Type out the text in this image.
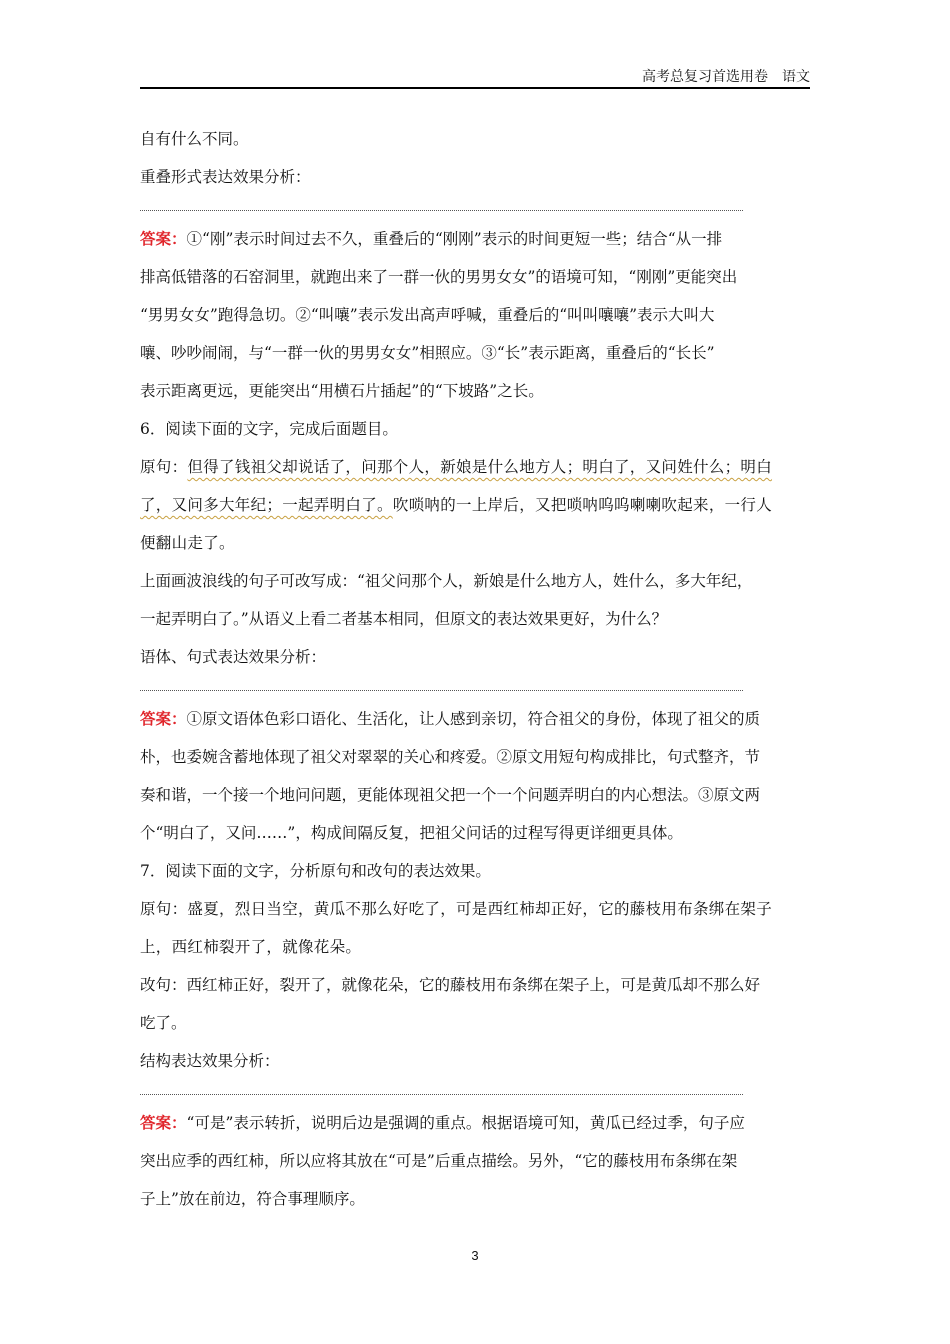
高考总复习首选用卷　语文
自有什么不同。
重叠形式表达效果分析：
答案：①“刚”表示时间过去不久，重叠后的“刚刚”表示的时间更短一些；结合“从一排
排高低错落的石窑洞里，就跑出来了一群一伙的男男女女”的语境可知，“刚刚”更能突出
“男男女女”跑得急切。②“叫嚷”表示发出高声呼喊，重叠后的“叫叫嚷嚷”表示大叫大
嚷、吵吵闹闹，与“一群一伙的男男女女”相照应。③“长”表示距离，重叠后的“长长”
表示距离更远，更能突出“用横石片插起”的“下坡路”之长。
6．阅读下面的文字，完成后面题目。
原句：但得了钱祖父却说话了，问那个人，新娘是什么地方人；明白了，又问姓什么；明白
了，又问多大年纪；一起弄明白了。吹唢呐的一上岸后，又把唢呐呜呜喇喇吹起来，一行人
便翻山走了。
上面画波浪线的句子可改写成：“祖父问那个人，新娘是什么地方人，姓什么，多大年纪，
一起弄明白了。”从语义上看二者基本相同，但原文的表达效果更好，为什么？
语体、句式表达效果分析：
答案：①原文语体色彩口语化、生活化，让人感到亲切，符合祖父的身份，体现了祖父的质
朴，也委婉含蓄地体现了祖父对翠翠的关心和疼爱。②原文用短句构成排比，句式整齐，节
奏和谐，一个接一个地问问题，更能体现祖父把一个一个问题弄明白的内心想法。③原文两
个“明白了，又问……”，构成间隔反复，把祖父问话的过程写得更详细更具体。
7．阅读下面的文字，分析原句和改句的表达效果。
原句：盛夏，烈日当空，黄瓜不那么好吃了，可是西红柿却正好，它的藤枝用布条绑在架子
上，西红柿裂开了，就像花朵。
改句：西红柿正好，裂开了，就像花朵，它的藤枝用布条绑在架子上，可是黄瓜却不那么好
吃了。
结构表达效果分析：
答案：“可是”表示转折，说明后边是强调的重点。根据语境可知，黄瓜已经过季，句子应
突出应季的西红柿，所以应将其放在“可是”后重点描绘。另外，“它的藤枝用布条绑在架
子上”放在前边，符合事理顺序。
3
